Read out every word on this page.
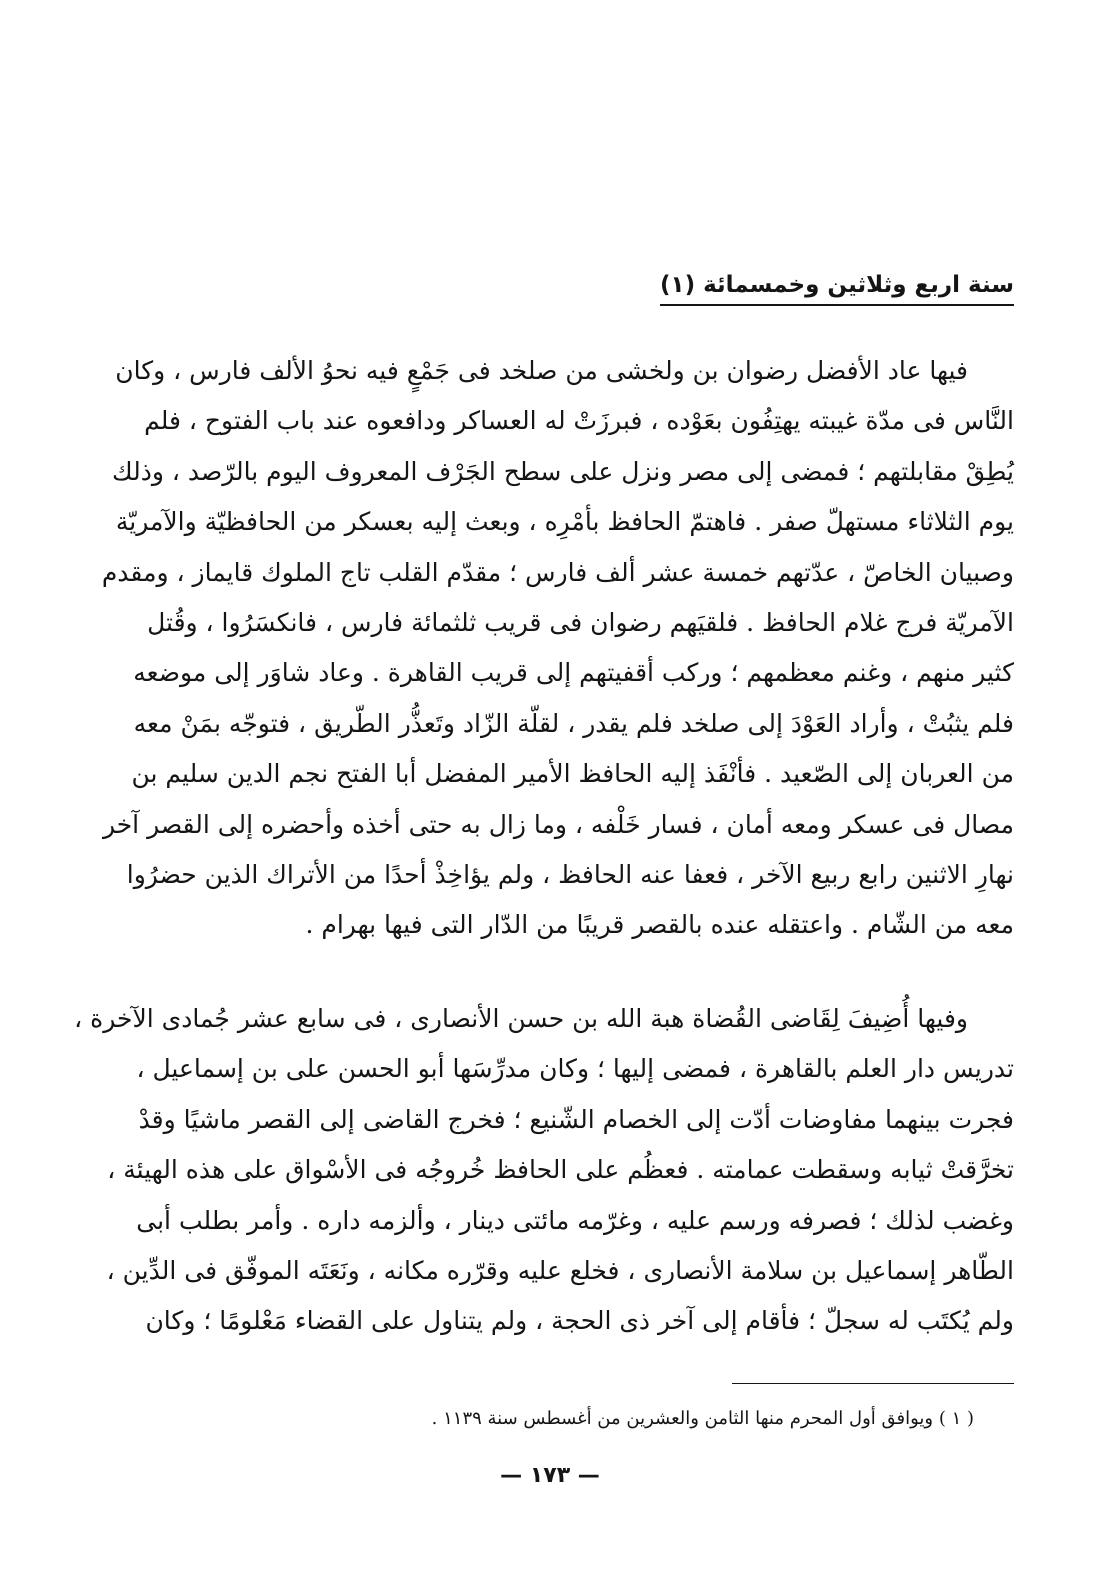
سنة اربع وثلاثين وخمسمائة (١)

فيها عاد الأفضل رضوان بن ولخشى من صلخد فى جَمْعٍ فيه نحوُ الألف فارس ، وكان
النَّاس فى مدّة غيبته يهتِفُون بعَوْده ، فبرزَتْ له العساكر ودافعوه عند باب الفتوح ، فلم
يُطِقْ مقابلتهم ؛ فمضى إلى مصر ونزل على سطح الجَرْف المعروف اليوم بالرّصد ، وذلك
يوم الثلاثاء مستهلّ صفر . فاهتمّ الحافظ بأمْرِه ، وبعث إليه بعسكر من الحافظيّة والآمريّة
وصبيان الخاصّ ، عدّتهم خمسة عشر ألف فارس ؛ مقدّم القلب تاج الملوك قايماز ، ومقدم
الآمريّة فرج غلام الحافظ . فلقيَهم رضوان فى قريب ثلثمائة فارس ، فانكسَرُوا ، وقُتل
كثير منهم ، وغنم معظمهم ؛ وركب أقفيتهم إلى قريب القاهرة . وعاد شاوَر إلى موضعه
فلم يثبُتْ ، وأراد العَوْدَ إلى صلخد فلم يقدر ، لقلّة الزّاد وتَعذُّر الطّريق ، فتوجّه بمَنْ معه
من العربان إلى الصّعيد . فأنْفَذ إليه الحافظ الأمير المفضل أبا الفتح نجم الدين سليم بن
مصال فى عسكر ومعه أمان ، فسار خَلْفه ، وما زال به حتى أخذه وأحضره إلى القصر آخر
نهارِ الاثنين رابع ربيع الآخر ، فعفا عنه الحافظ ، ولم يؤاخِذْ أحدًا من الأتراك الذين حضرُوا
معه من الشّام . واعتقله عنده بالقصر قريبًا من الدّار التى فيها بهرام .

وفيها أُضِيفَ لِقَاضى القُضاة هبة الله بن حسن الأنصارى ، فى سابع عشر جُمادى الآخرة ،
تدريس دار العلم بالقاهرة ، فمضى إليها ؛ وكان مدرِّسَها أبو الحسن على بن إسماعيل ،
فجرت بينهما مفاوضات أدّت إلى الخصام الشّنيع ؛ فخرج القاضى إلى القصر ماشيًا وقدْ
تخرَّقتْ ثيابه وسقطت عمامته . فعظُم على الحافظ خُروجُه فى الأسْواق على هذه الهيئة ،
وغضب لذلك ؛ فصرفه ورسم عليه ، وغرّمه مائتى دينار ، وألزمه داره . وأمر بطلب أبى
الطّاهر إسماعيل بن سلامة الأنصارى ، فخلع عليه وقرّره مكانه ، ونَعَتَه الموفّق فى الدِّين ،
ولم يُكتَب له سجلّ ؛ فأقام إلى آخر ذى الحجة ، ولم يتناول على القضاء مَعْلومًا ؛ وكان

( ١ ) ويوافق أول المحرم منها الثامن والعشرين من أغسطس سنة ١١٣٩ .
— ١٧٣ —
